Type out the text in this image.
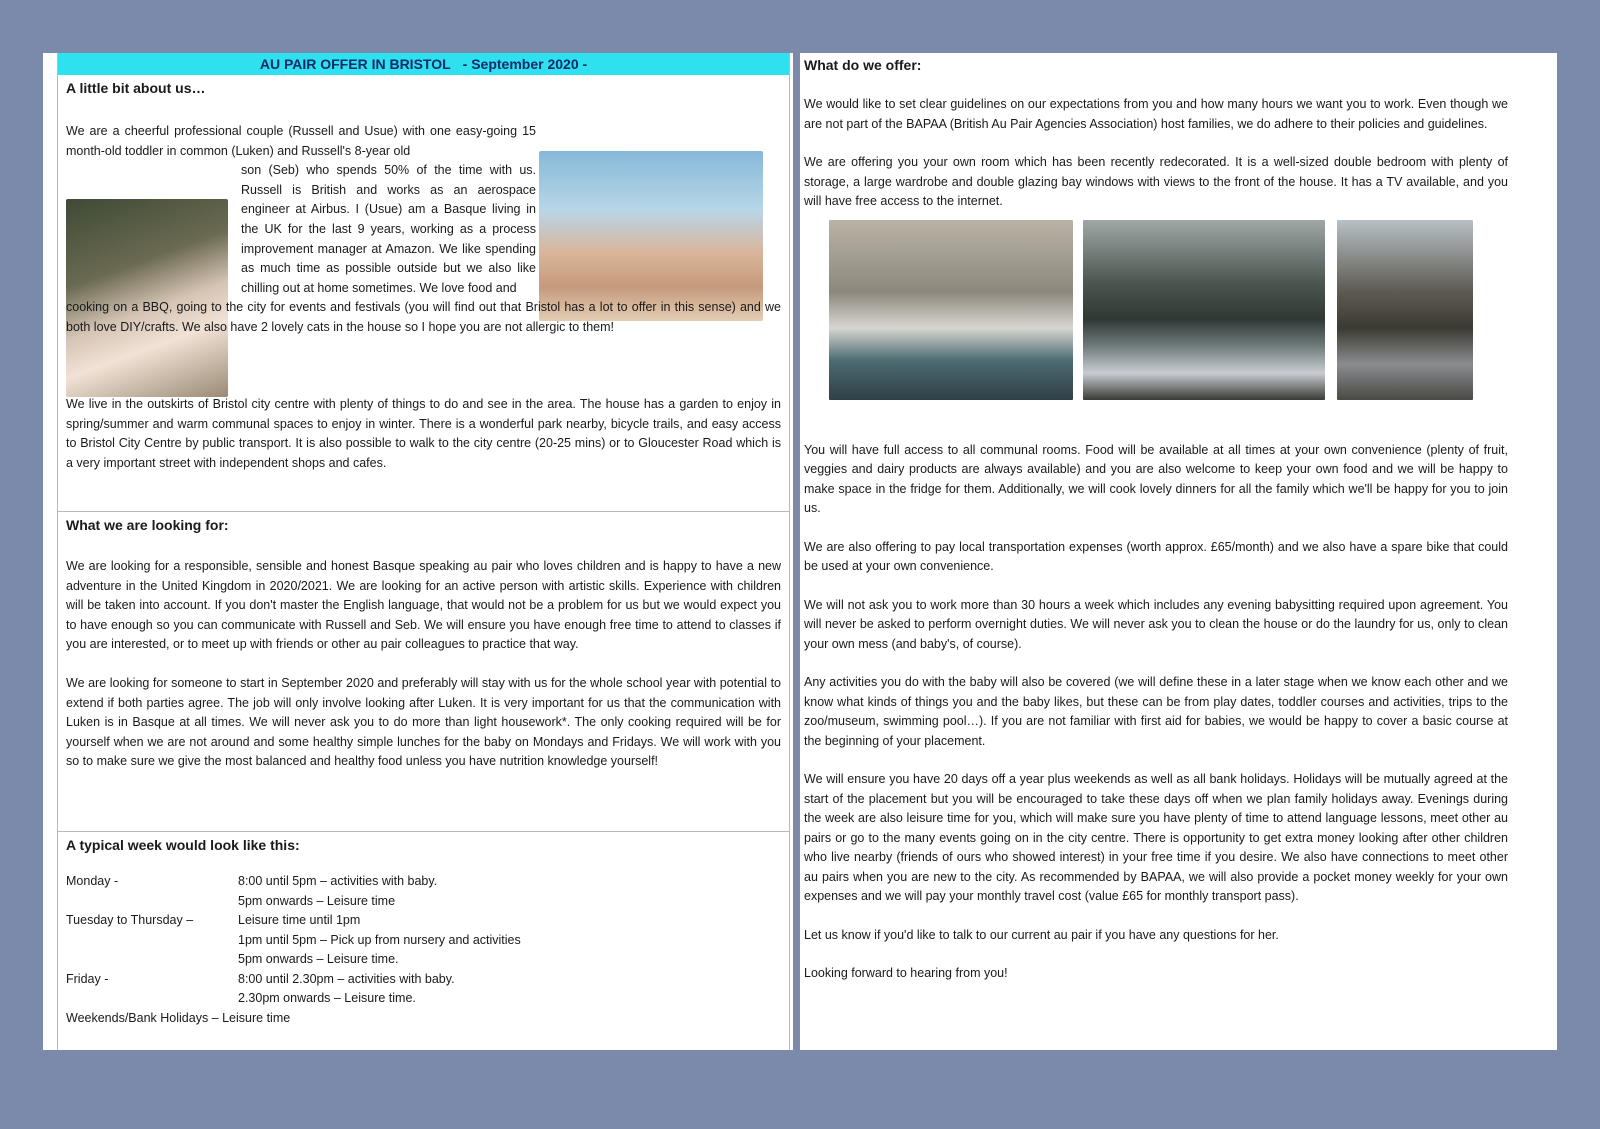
AU PAIR OFFER IN BRISTOL - September 2020 -
A little bit about us…

We are a cheerful professional couple (Russell and Usue) with one easy-going 15 month-old toddler in common (Luken) and Russell's 8-year old

son (Seb) who spends 50% of the time with us. Russell is British and works as an aerospace engineer at Airbus. I (Usue) am a Basque living in the UK for the last 9 years, working as a process improvement manager at Amazon. We like spending as much time as possible outside but we also like chilling out at home sometimes. We love food and

cooking on a BBQ, going to the city for events and festivals (you will find out that Bristol has a lot to offer in this sense) and we both love DIY/crafts. We also have 2 lovely cats in the house so I hope you are not allergic to them!

We live in the outskirts of Bristol city centre with plenty of things to do and see in the area. The house has a garden to enjoy in spring/summer and warm communal spaces to enjoy in winter. There is a wonderful park nearby, bicycle trails, and easy access to Bristol City Centre by public transport. It is also possible to walk to the city centre (20-25 mins) or to Gloucester Road which is a very important street with independent shops and cafes.

What we are looking for:

We are looking for a responsible, sensible and honest Basque speaking au pair who loves children and is happy to have a new adventure in the United Kingdom in 2020/2021. We are looking for an active person with artistic skills. Experience with children will be taken into account. If you don't master the English language, that would not be a problem for us but we would expect you to have enough so you can communicate with Russell and Seb. We will ensure you have enough free time to attend to classes if you are interested, or to meet up with friends or other au pair colleagues to practice that way.

We are looking for someone to start in September 2020 and preferably will stay with us for the whole school year with potential to extend if both parties agree. The job will only involve looking after Luken. It is very important for us that the communication with Luken is in Basque at all times. We will never ask you to do more than light housework*. The only cooking required will be for yourself when we are not around and some healthy simple lunches for the baby on Mondays and Fridays. We will work with you so to make sure we give the most balanced and healthy food unless you have nutrition knowledge yourself!

A typical week would look like this:
Monday -	8:00 until 5pm – activities with baby.
5pm onwards – Leisure time
Tuesday to Thursday –	Leisure time until 1pm
1pm until 5pm – Pick up from nursery and activities
5pm onwards – Leisure time.
Friday -	8:00 until 2.30pm – activities with baby.
2.30pm onwards – Leisure time.
Weekends/Bank Holidays – Leisure time
What do we offer:

We would like to set clear guidelines on our expectations from you and how many hours we want you to work. Even though we are not part of the BAPAA (British Au Pair Agencies Association) host families, we do adhere to their policies and guidelines.

We are offering you your own room which has been recently redecorated. It is a well-sized double bedroom with plenty of storage, a large wardrobe and double glazing bay windows with views to the front of the house. It has a TV available, and you will have free access to the internet.

You will have full access to all communal rooms. Food will be available at all times at your own convenience (plenty of fruit, veggies and dairy products are always available) and you are also welcome to keep your own food and we will be happy to make space in the fridge for them. Additionally, we will cook lovely dinners for all the family which we'll be happy for you to join us.

We are also offering to pay local transportation expenses (worth approx. £65/month) and we also have a spare bike that could be used at your own convenience.

We will not ask you to work more than 30 hours a week which includes any evening babysitting required upon agreement. You will never be asked to perform overnight duties. We will never ask you to clean the house or do the laundry for us, only to clean your own mess (and baby's, of course).

Any activities you do with the baby will also be covered (we will define these in a later stage when we know each other and we know what kinds of things you and the baby likes, but these can be from play dates, toddler courses and activities, trips to the zoo/museum, swimming pool…). If you are not familiar with first aid for babies, we would be happy to cover a basic course at the beginning of your placement.

We will ensure you have 20 days off a year plus weekends as well as all bank holidays. Holidays will be mutually agreed at the start of the placement but you will be encouraged to take these days off when we plan family holidays away. Evenings during the week are also leisure time for you, which will make sure you have plenty of time to attend language lessons, meet other au pairs or go to the many events going on in the city centre. There is opportunity to get extra money looking after other children who live nearby (friends of ours who showed interest) in your free time if you desire. We also have connections to meet other au pairs when you are new to the city. As recommended by BAPAA, we will also provide a pocket money weekly for your own expenses and we will pay your monthly travel cost (value £65 for monthly transport pass).

Let us know if you'd like to talk to our current au pair if you have any questions for her.

Looking forward to hearing from you!
